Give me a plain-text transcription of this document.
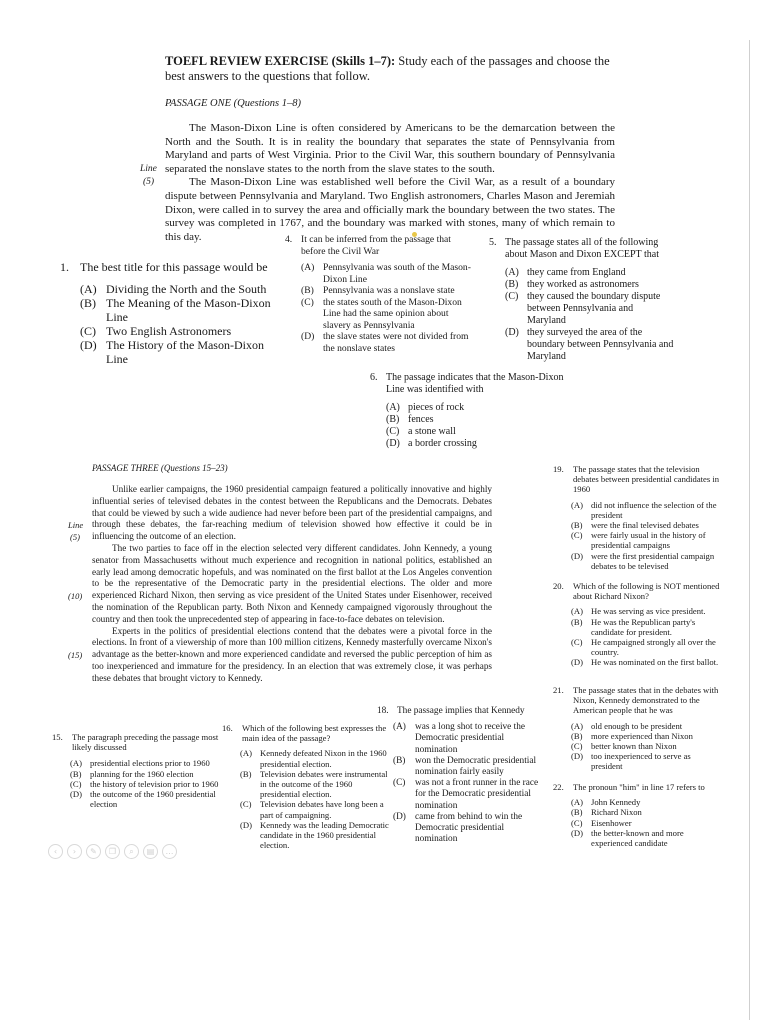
TOEFL REVIEW EXERCISE (Skills 1–7): Study each of the passages and choose the best answers to the questions that follow.
PASSAGE ONE (Questions 1–8)

The Mason-Dixon Line is often considered by Americans to be the demarcation between the North and the South. It is in reality the boundary that separates the state of Pennsylvania from Maryland and parts of West Virginia. Prior to the Civil War, this southern boundary of Pennsylvania separated the nonslave states to the north from the slave states to the south.

The Mason-Dixon Line was established well before the Civil War, as a result of a boundary dispute between Pennsylvania and Maryland. Two English astronomers, Charles Mason and Jeremiah Dixon, were called in to survey the area and officially mark the boundary between the two states. The survey was completed in 1767, and the boundary was marked with stones, many of which remain to this day.

Line
(5)
1. The best title for this passage would be
(A) Dividing the North and the South
(B) The Meaning of the Mason-Dixon Line
(C) Two English Astronomers
(D) The History of the Mason-Dixon Line
4. It can be inferred from the passage that before the Civil War
(A) Pennsylvania was south of the Mason-Dixon Line
(B) Pennsylvania was a nonslave state
(C) the states south of the Mason-Dixon Line had the same opinion about slavery as Pennsylvania
(D) the slave states were not divided from the nonslave states
5. The passage states all of the following about Mason and Dixon EXCEPT that
(A) they came from England
(B) they worked as astronomers
(C) they caused the boundary dispute between Pennsylvania and Maryland
(D) they surveyed the area of the boundary between Pennsylvania and Maryland
6. The passage indicates that the Mason-Dixon Line was identified with
(A) pieces of rock
(B) fences
(C) a stone wall
(D) a border crossing
PASSAGE THREE (Questions 15–23)

Unlike earlier campaigns, the 1960 presidential campaign featured a politically innovative and highly influential series of televised debates in the contest between the Republicans and the Democrats. Debates that could be viewed by such a wide audience had never before been part of the presidential campaigns, and through these debates, the far-reaching medium of television showed how effective it could be in influencing the outcome of an election.

The two parties to face off in the election selected very different candidates. John Kennedy, a young senator from Massachusetts without much experience and recognition in national politics, established an early lead among democratic hopefuls, and was nominated on the first ballot at the Los Angeles convention to be the representative of the Democratic party in the presidential elections. The older and more experienced Richard Nixon, then serving as vice president of the United States under Eisenhower, received the nomination of the Republican party. Both Nixon and Kennedy campaigned vigorously throughout the country and then took the unprecedented step of appearing in face-to-face debates on television.

Experts in the politics of presidential elections contend that the debates were a pivotal force in the elections. In front of a viewership of more than 100 million citizens, Kennedy masterfully overcame Nixon's advantage as the better-known and more experienced candidate and reversed the public perception of him as too inexperienced and immature for the presidency. In an election that was extremely close, it was perhaps these debates that brought victory to Kennedy.

Line
(5)
(10)
(15)
15.	The paragraph preceding the passage most likely discussed
(A) presidential elections prior to 1960
(B) planning for the 1960 election
(C) the history of television prior to 1960
(D) the outcome of the 1960 presidential election
16.	Which of the following best expresses the main idea of the passage?
(A) Kennedy defeated Nixon in the 1960 presidential election.
(B) Television debates were instrumental in the outcome of the 1960 presidential election.
(C) Television debates have long been a part of campaigning.
(D) Kennedy was the leading Democratic candidate in the 1960 presidential election.
18. The passage implies that Kennedy
(A) was a long shot to receive the Democratic presidential nomination
(B)	won the Democratic presidential nomination fairly easily
(C)	was not a front runner in the race for the Democratic presidential nomination
(D) came from behind to win the Democratic presidential nomination
19.	The passage states that the television debates between presidential candidates in 1960
(A) did not influence the selection of the president
(B) were the final televised debates
(C) were fairly usual in the history of presidential campaigns
(D) were the first presidential campaign debates to be televised
20.	Which of the following is NOT mentioned about Richard Nixon?
(A) He was serving as vice president.
(B) He was the Republican party's candidate for president.
(C) He campaigned strongly all over the country.
(D) He was nominated on the first ballot.
21.	The passage states that in the debates with Nixon, Kennedy demonstrated to the American people that he was
(A) old enough to be president
(B) more experienced than Nixon
(C) better known than Nixon
(D) too inexperienced to serve as president
22.	The pronoun "him" in line 17 refers to
(A) John Kennedy
(B) Richard Nixon
(C) Eisenhower
(D) the better-known and more experienced candidate
‹	›	✎	❐	⌕	▤	…
